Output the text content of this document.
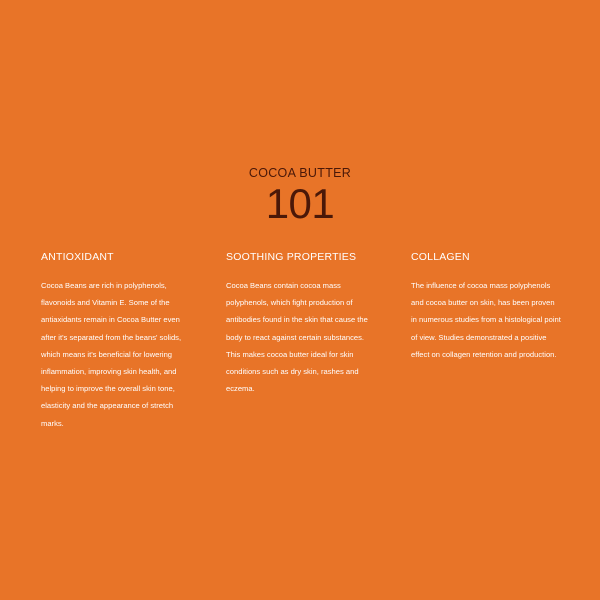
COCOA BUTTER
101
ANTIOXIDANT

Cocoa Beans are rich in polyphenols, flavonoids and Vitamin E. Some of the antiaxidants remain in Cocoa Butter even after it's separated from the beans' solids, which means it's beneficial for lowering inflammation, improving skin health, and helping to improve the overall skin tone, elasticity and the appearance of stretch marks.

SOOTHING PROPERTIES

Cocoa Beans contain cocoa mass polyphenols, which fight production of antibodies found in the skin that cause the body to react against certain substances. This makes cocoa butter ideal for skin conditions such as dry skin, rashes and eczema.

COLLAGEN

The influence of cocoa mass polyphenols and cocoa butter on skin, has been proven in numerous studies from a histological point of view. Studies demonstrated a positive effect on collagen retention and production.
